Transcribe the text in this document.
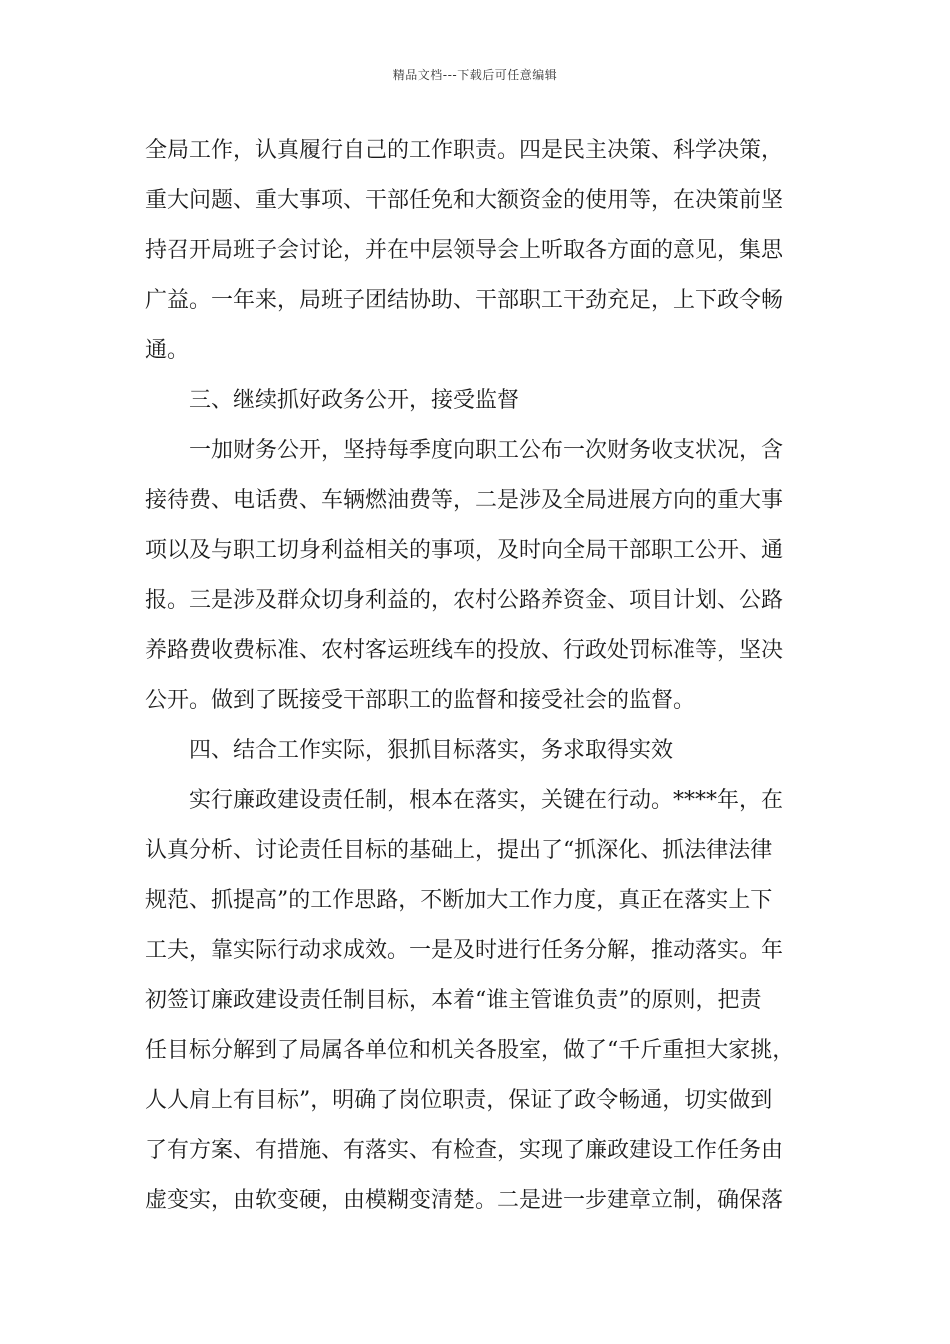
精品文档---下载后可任意编辑
全局工作，认真履行自己的工作职责。四是民主决策、科学决策，
重大问题、重大事项、干部任免和大额资金的使用等，在决策前坚
持召开局班子会讨论，并在中层领导会上听取各方面的意见，集思
广益。一年来，局班子团结协助、干部职工干劲充足，上下政令畅
通。
三、继续抓好政务公开，接受监督
一加财务公开，坚持每季度向职工公布一次财务收支状况，含
接待费、电话费、车辆燃油费等，二是涉及全局进展方向的重大事
项以及与职工切身利益相关的事项，及时向全局干部职工公开、通
报。三是涉及群众切身利益的，农村公路养资金、项目计划、公路
养路费收费标准、农村客运班线车的投放、行政处罚标准等，坚决
公开。做到了既接受干部职工的监督和接受社会的监督。
四、结合工作实际，狠抓目标落实，务求取得实效
实行廉政建设责任制，根本在落实，关键在行动。****年，在
认真分析、讨论责任目标的基础上，提出了“抓深化、抓法律法律
规范、抓提高”的工作思路，不断加大工作力度，真正在落实上下
工夫，靠实际行动求成效。一是及时进行任务分解，推动落实。年
初签订廉政建设责任制目标，本着“谁主管谁负责”的原则，把责
任目标分解到了局属各单位和机关各股室，做了“千斤重担大家挑，
人人肩上有目标”，明确了岗位职责，保证了政令畅通，切实做到
了有方案、有措施、有落实、有检查，实现了廉政建设工作任务由
虚变实，由软变硬，由模糊变清楚。二是进一步建章立制，确保落
